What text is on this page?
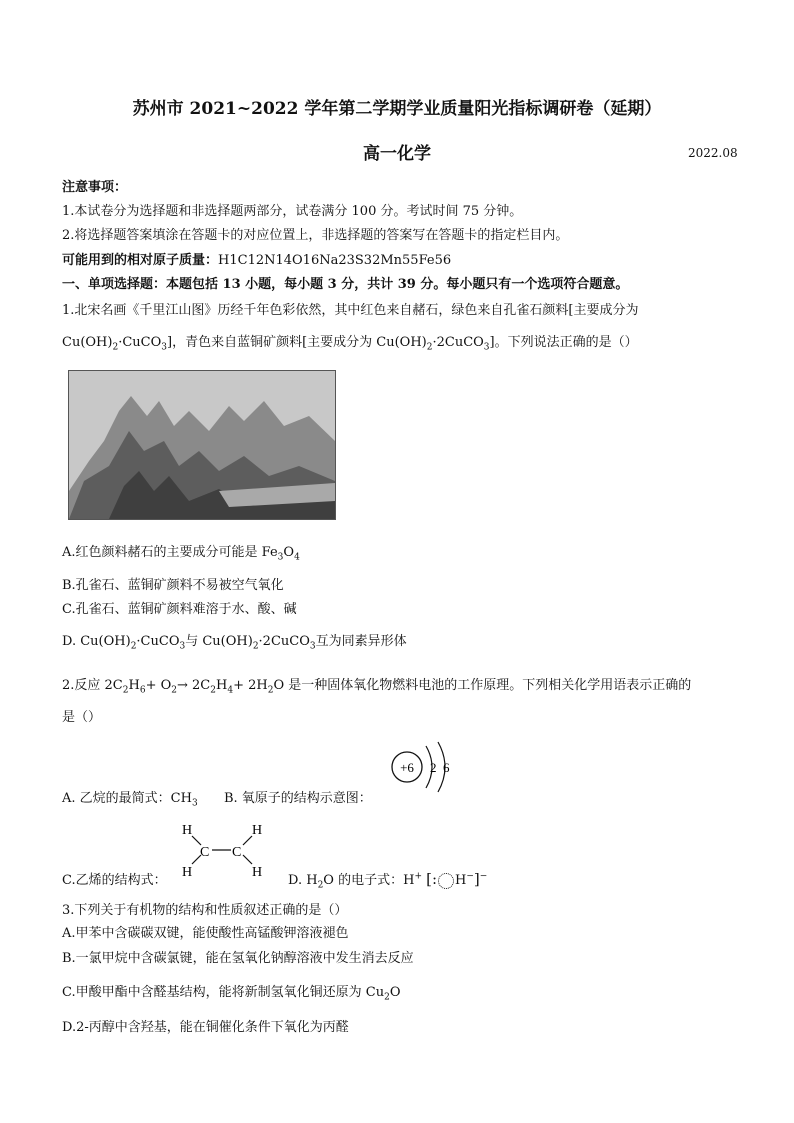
苏州市 2021~2022 学年第二学期学业质量阳光指标调研卷（延期）
高一化学	2022.08
注意事项：
1.本试卷分为选择题和非选择题两部分，试卷满分 100 分。考试时间 75 分钟。
2.将选择题答案填涂在答题卡的对应位置上，非选择题的答案写在答题卡的指定栏目内。
可能用到的相对原子质量：H1C12N14O16Na23S32Mn55Fe56
一、单项选择题：本题包括 13 小题，每小题 3 分，共计 39 分。每小题只有一个选项符合题意。
1.北宋名画《千里江山图》历经千年色彩依然，其中红色来自赭石，绿色来自孔雀石颜料[主要成分为
$Cu(OH)_2\cdot CuCO_3$]，青色来自蓝铜矿颜料[主要成分为 $Cu(OH)_2\cdot 2CuCO_3$]。下列说法正确的是（）
A.红色颜料赭石的主要成分可能是 $Fe_3O_4$
B.孔雀石、蓝铜矿颜料不易被空气氧化
C.孔雀石、蓝铜矿颜料难溶于水、酸、碱
D. $Cu(OH)_2\cdot CuCO_3$与 $Cu(OH)_2\cdot 2CuCO_3$互为同素异形体
2.反应 $2C_2H_6+ O_2\to 2C_2H_4+ 2H_2O$ 是一种固体氧化物燃料电池的工作原理。下列相关化学用语表示正确的
是（）
+6 2 6
A. 乙烷的最简式：$CH_3$ B. 氧原子的结构示意图：
H	H
C C
H	H
C.乙烯的结构式：	D. $H_2O$ 的电子式：H+ [: H−]−
3.下列关于有机物的结构和性质叙述正确的是（）
A.甲苯中含碳碳双键，能使酸性高锰酸钾溶液褪色
B.一氯甲烷中含碳氯键，能在氢氧化钠醇溶液中发生消去反应
C.甲酸甲酯中含醛基结构，能将新制氢氧化铜还原为 $Cu_2O$
D.2-丙醇中含羟基，能在铜催化条件下氧化为丙醛
